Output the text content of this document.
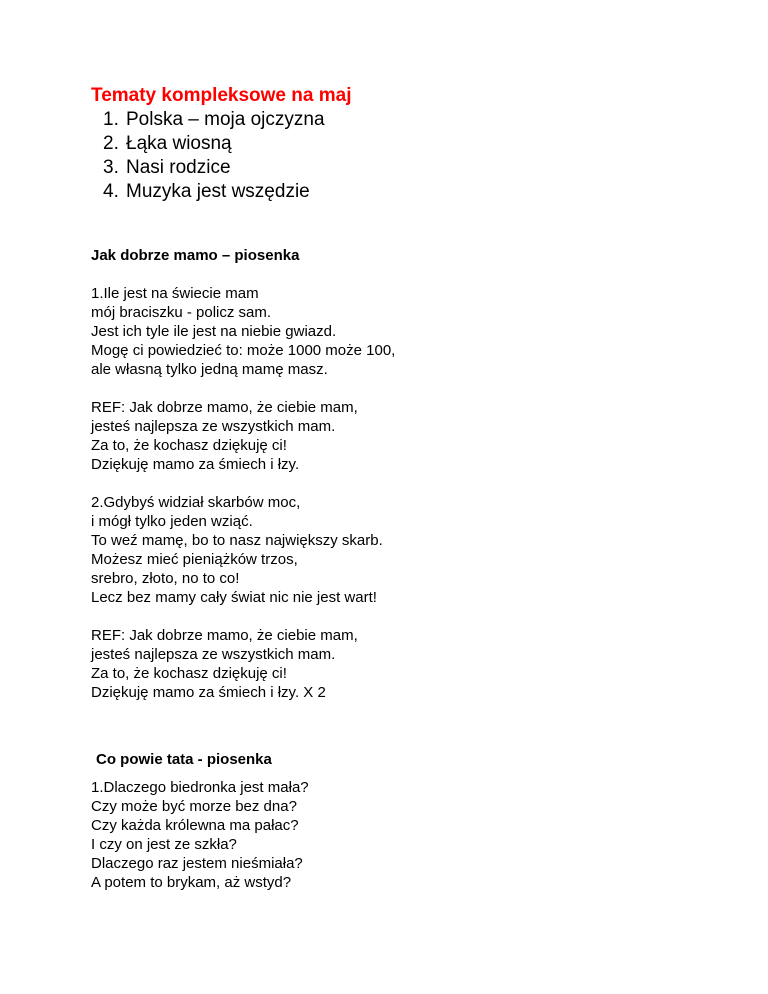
Tematy kompleksowe na maj
1. Polska – moja ojczyzna
2. Łąka wiosną
3. Nasi rodzice
4. Muzyka jest wszędzie
Jak dobrze mamo – piosenka
1.Ile jest na świecie mam
mój braciszku - policz sam.
Jest ich tyle ile jest na niebie gwiazd.
Mogę ci powiedzieć to: może 1000 może 100,
ale własną tylko jedną mamę masz.
REF: Jak dobrze mamo, że ciebie mam,
jesteś najlepsza ze wszystkich mam.
Za to, że kochasz dziękuję ci!
Dziękuję mamo za śmiech i łzy.
2.Gdybyś widział skarbów moc,
i mógł tylko jeden wziąć.
To weź mamę, bo to nasz największy skarb.
Możesz mieć pieniążków trzos,
srebro, złoto, no to co!
Lecz bez mamy cały świat nic nie jest wart!
REF: Jak dobrze mamo, że ciebie mam,
jesteś najlepsza ze wszystkich mam.
Za to, że kochasz dziękuję ci!
Dziękuję mamo za śmiech i łzy. X 2
Co powie tata - piosenka
1.Dlaczego biedronka jest mała?
Czy może być morze bez dna?
Czy każda królewna ma pałac?
I czy on jest ze szkła?
Dlaczego raz jestem nieśmiała?
A potem to brykam, aż wstyd?
